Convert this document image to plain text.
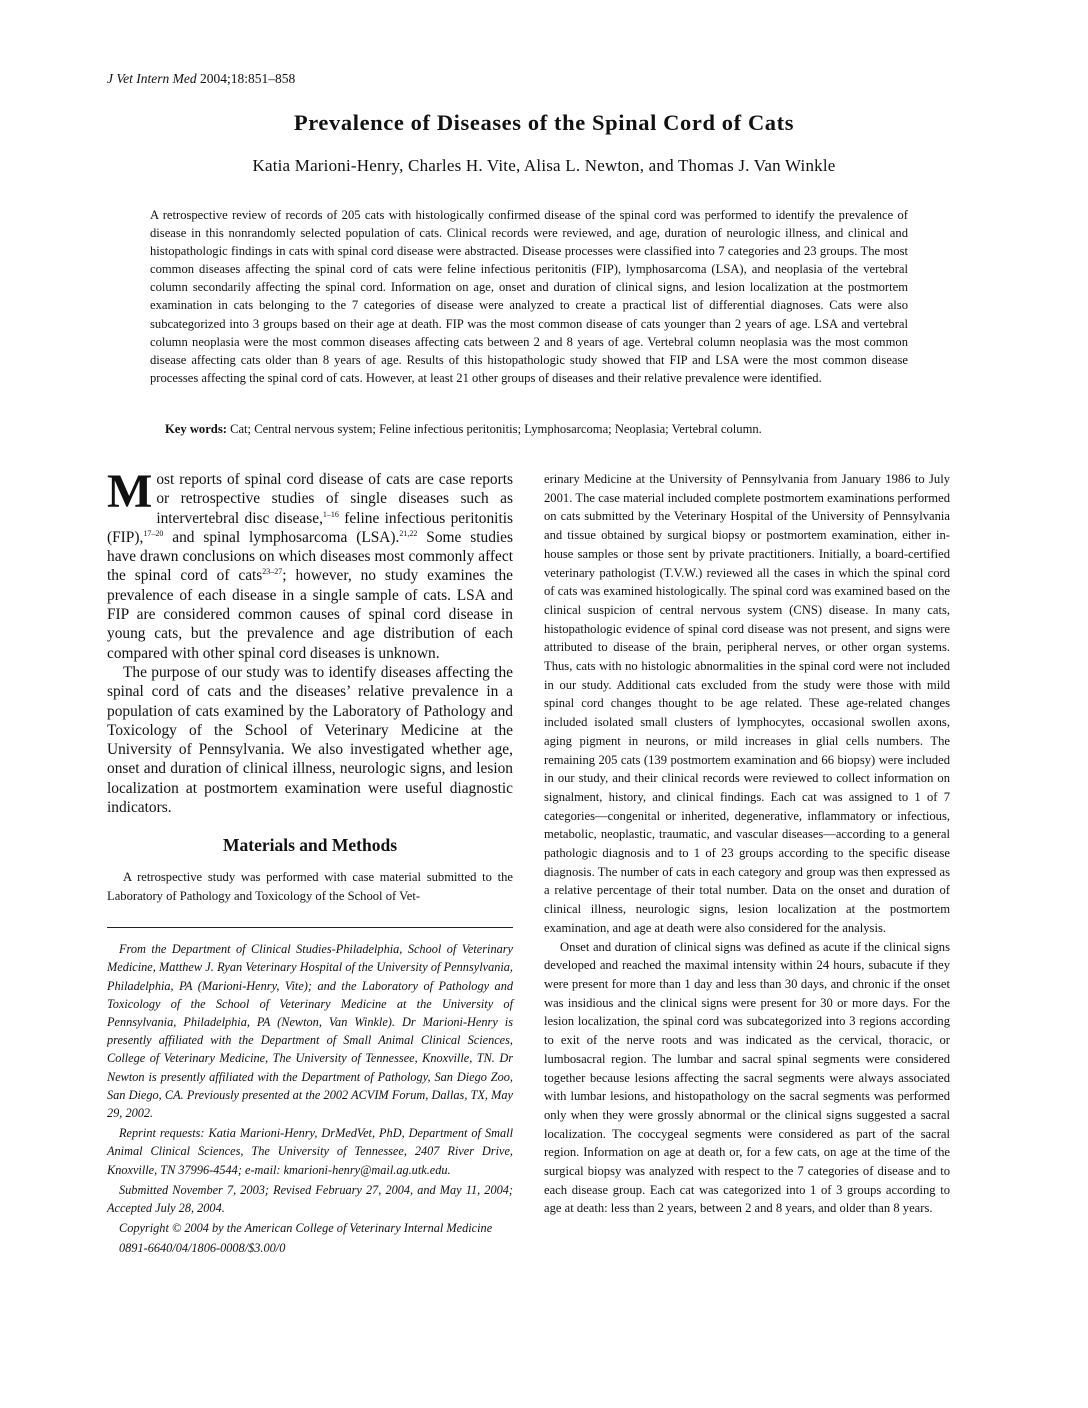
J Vet Intern Med 2004;18:851–858
Prevalence of Diseases of the Spinal Cord of Cats
Katia Marioni-Henry, Charles H. Vite, Alisa L. Newton, and Thomas J. Van Winkle
A retrospective review of records of 205 cats with histologically confirmed disease of the spinal cord was performed to identify the prevalence of disease in this nonrandomly selected population of cats. Clinical records were reviewed, and age, duration of neurologic illness, and clinical and histopathologic findings in cats with spinal cord disease were abstracted. Disease processes were classified into 7 categories and 23 groups. The most common diseases affecting the spinal cord of cats were feline infectious peritonitis (FIP), lymphosarcoma (LSA), and neoplasia of the vertebral column secondarily affecting the spinal cord. Information on age, onset and duration of clinical signs, and lesion localization at the postmortem examination in cats belonging to the 7 categories of disease were analyzed to create a practical list of differential diagnoses. Cats were also subcategorized into 3 groups based on their age at death. FIP was the most common disease of cats younger than 2 years of age. LSA and vertebral column neoplasia were the most common diseases affecting cats between 2 and 8 years of age. Vertebral column neoplasia was the most common disease affecting cats older than 8 years of age. Results of this histopathologic study showed that FIP and LSA were the most common disease processes affecting the spinal cord of cats. However, at least 21 other groups of diseases and their relative prevalence were identified.
Key words: Cat; Central nervous system; Feline infectious peritonitis; Lymphosarcoma; Neoplasia; Vertebral column.

Most reports of spinal cord disease of cats are case reports or retrospective studies of single diseases such as intervertebral disc disease,$^{1-16}$ feline infectious peritonitis (FIP),$^{17-20}$ and spinal lymphosarcoma (LSA).$^{21,22}$ Some studies have drawn conclusions on which diseases most commonly affect the spinal cord of cats$^{23-27}$; however, no study examines the prevalence of each disease in a single sample of cats. LSA and FIP are considered common causes of spinal cord disease in young cats, but the prevalence and age distribution of each compared with other spinal cord diseases is unknown.

The purpose of our study was to identify diseases affecting the spinal cord of cats and the diseases’ relative prevalence in a population of cats examined by the Laboratory of Pathology and Toxicology of the School of Veterinary Medicine at the University of Pennsylvania. We also investigated whether age, onset and duration of clinical illness, neurologic signs, and lesion localization at postmortem examination were useful diagnostic indicators.

Materials and Methods

A retrospective study was performed with case material submitted to the Laboratory of Pathology and Toxicology of the School of Vet-

From the Department of Clinical Studies-Philadelphia, School of Veterinary Medicine, Matthew J. Ryan Veterinary Hospital of the University of Pennsylvania, Philadelphia, PA (Marioni-Henry, Vite); and the Laboratory of Pathology and Toxicology of the School of Veterinary Medicine at the University of Pennsylvania, Philadelphia, PA (Newton, Van Winkle). Dr Marioni-Henry is presently affiliated with the Department of Small Animal Clinical Sciences, College of Veterinary Medicine, The University of Tennessee, Knoxville, TN. Dr Newton is presently affiliated with the Department of Pathology, San Diego Zoo, San Diego, CA. Previously presented at the 2002 ACVIM Forum, Dallas, TX, May 29, 2002.

Reprint requests: Katia Marioni-Henry, DrMedVet, PhD, Department of Small Animal Clinical Sciences, The University of Tennessee, 2407 River Drive, Knoxville, TN 37996-4544; e-mail: kmarioni-henry@mail.ag.utk.edu.

Submitted November 7, 2003; Revised February 27, 2004, and May 11, 2004; Accepted July 28, 2004.

Copyright © 2004 by the American College of Veterinary Internal Medicine

0891-6640/04/1806-0008/$3.00/0

erinary Medicine at the University of Pennsylvania from January 1986 to July 2001. The case material included complete postmortem examinations performed on cats submitted by the Veterinary Hospital of the University of Pennsylvania and tissue obtained by surgical biopsy or postmortem examination, either in-house samples or those sent by private practitioners. Initially, a board-certified veterinary pathologist (T.V.W.) reviewed all the cases in which the spinal cord of cats was examined histologically. The spinal cord was examined based on the clinical suspicion of central nervous system (CNS) disease. In many cats, histopathologic evidence of spinal cord disease was not present, and signs were attributed to disease of the brain, peripheral nerves, or other organ systems. Thus, cats with no histologic abnormalities in the spinal cord were not included in our study. Additional cats excluded from the study were those with mild spinal cord changes thought to be age related. These age-related changes included isolated small clusters of lymphocytes, occasional swollen axons, aging pigment in neurons, or mild increases in glial cells numbers. The remaining 205 cats (139 postmortem examination and 66 biopsy) were included in our study, and their clinical records were reviewed to collect information on signalment, history, and clinical findings. Each cat was assigned to 1 of 7 categories—congenital or inherited, degenerative, inflammatory or infectious, metabolic, neoplastic, traumatic, and vascular diseases—according to a general pathologic diagnosis and to 1 of 23 groups according to the specific disease diagnosis. The number of cats in each category and group was then expressed as a relative percentage of their total number. Data on the onset and duration of clinical illness, neurologic signs, lesion localization at the postmortem examination, and age at death were also considered for the analysis.

Onset and duration of clinical signs was defined as acute if the clinical signs developed and reached the maximal intensity within 24 hours, subacute if they were present for more than 1 day and less than 30 days, and chronic if the onset was insidious and the clinical signs were present for 30 or more days. For the lesion localization, the spinal cord was subcategorized into 3 regions according to exit of the nerve roots and was indicated as the cervical, thoracic, or lumbosacral region. The lumbar and sacral spinal segments were considered together because lesions affecting the sacral segments were always associated with lumbar lesions, and histopathology on the sacral segments was performed only when they were grossly abnormal or the clinical signs suggested a sacral localization. The coccygeal segments were considered as part of the sacral region. Information on age at death or, for a few cats, on age at the time of the surgical biopsy was analyzed with respect to the 7 categories of disease and to each disease group. Each cat was categorized into 1 of 3 groups according to age at death: less than 2 years, between 2 and 8 years, and older than 8 years.
